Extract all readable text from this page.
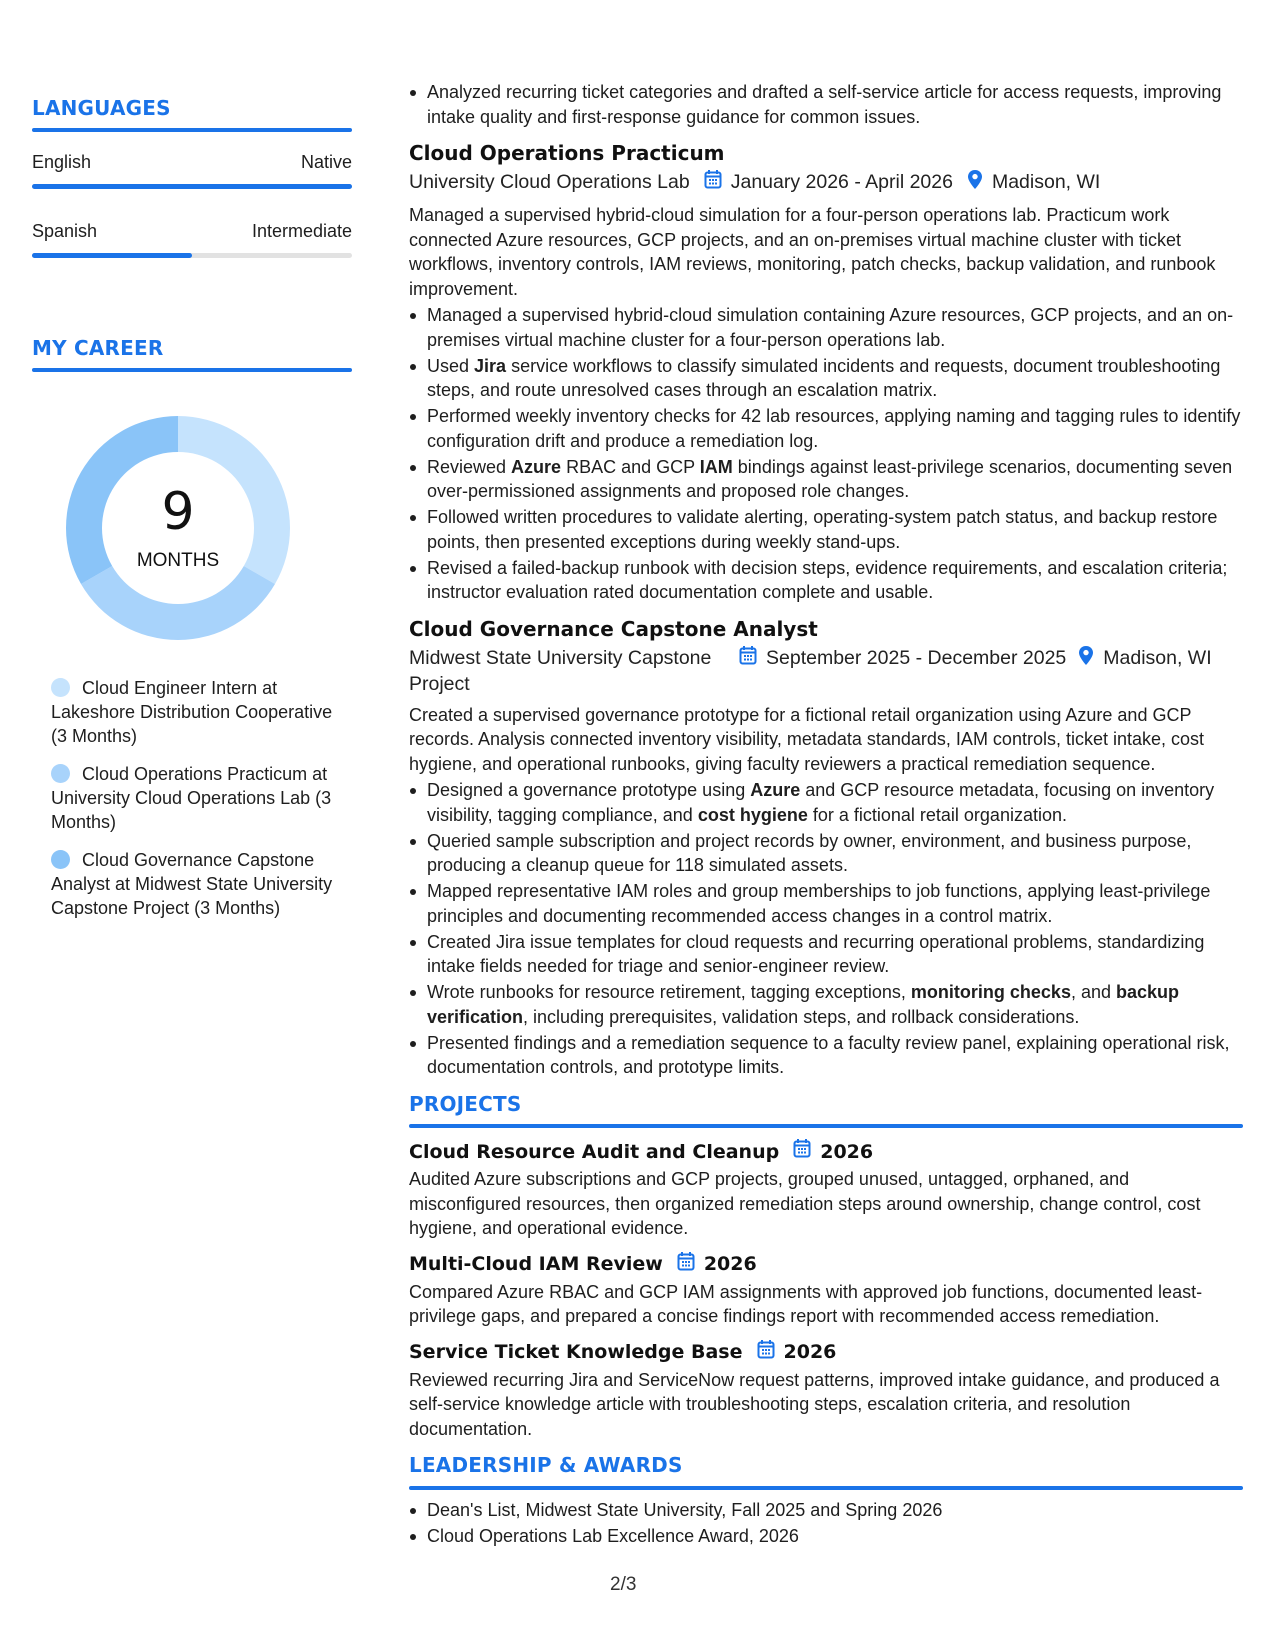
LANGUAGES
English	Native
Spanish	Intermediate
MY CAREER
9
MONTHS
Cloud Engineer Intern at Lakeshore Distribution Cooperative (3 Months)
Cloud Operations Practicum at University Cloud Operations Lab (3 Months)
Cloud Governance Capstone Analyst at Midwest State University Capstone Project (3 Months)
Analyzed recurring ticket categories and drafted a self-service article for access requests, improving intake quality and first-response guidance for common issues.
Cloud Operations Practicum
University Cloud Operations Lab January 2026 - April 2026 Madison, WI
Managed a supervised hybrid-cloud simulation for a four-person operations lab. Practicum work connected Azure resources, GCP projects, and an on-premises virtual machine cluster with ticket workflows, inventory controls, IAM reviews, monitoring, patch checks, backup validation, and runbook improvement.
Managed a supervised hybrid-cloud simulation containing Azure resources, GCP projects, and an on-premises virtual machine cluster for a four-person operations lab.
Used Jira service workflows to classify simulated incidents and requests, document troubleshooting steps, and route unresolved cases through an escalation matrix.
Performed weekly inventory checks for 42 lab resources, applying naming and tagging rules to identify configuration drift and produce a remediation log.
Reviewed Azure RBAC and GCP IAM bindings against least-privilege scenarios, documenting seven over-permissioned assignments and proposed role changes.
Followed written procedures to validate alerting, operating-system patch status, and backup restore points, then presented exceptions during weekly stand-ups.
Revised a failed-backup runbook with decision steps, evidence requirements, and escalation criteria; instructor evaluation rated documentation complete and usable.
Cloud Governance Capstone Analyst
Midwest State University Capstone Project
September 2025 - December 2025 Madison, WI
Created a supervised governance prototype for a fictional retail organization using Azure and GCP records. Analysis connected inventory visibility, metadata standards, IAM controls, ticket intake, cost hygiene, and operational runbooks, giving faculty reviewers a practical remediation sequence.
Designed a governance prototype using Azure and GCP resource metadata, focusing on inventory visibility, tagging compliance, and cost hygiene for a fictional retail organization.
Queried sample subscription and project records by owner, environment, and business purpose, producing a cleanup queue for 118 simulated assets.
Mapped representative IAM roles and group memberships to job functions, applying least-privilege principles and documenting recommended access changes in a control matrix.
Created Jira issue templates for cloud requests and recurring operational problems, standardizing intake fields needed for triage and senior-engineer review.
Wrote runbooks for resource retirement, tagging exceptions, monitoring checks, and backup verification, including prerequisites, validation steps, and rollback considerations.
Presented findings and a remediation sequence to a faculty review panel, explaining operational risk, documentation controls, and prototype limits.
PROJECTS
Cloud Resource Audit and Cleanup 2026
Audited Azure subscriptions and GCP projects, grouped unused, untagged, orphaned, and misconfigured resources, then organized remediation steps around ownership, change control, cost hygiene, and operational evidence.
Multi-Cloud IAM Review 2026
Compared Azure RBAC and GCP IAM assignments with approved job functions, documented least-privilege gaps, and prepared a concise findings report with recommended access remediation.
Service Ticket Knowledge Base 2026
Reviewed recurring Jira and ServiceNow request patterns, improved intake guidance, and produced a self-service knowledge article with troubleshooting steps, escalation criteria, and resolution documentation.
LEADERSHIP & AWARDS
Dean's List, Midwest State University, Fall 2025 and Spring 2026
Cloud Operations Lab Excellence Award, 2026
2/3
